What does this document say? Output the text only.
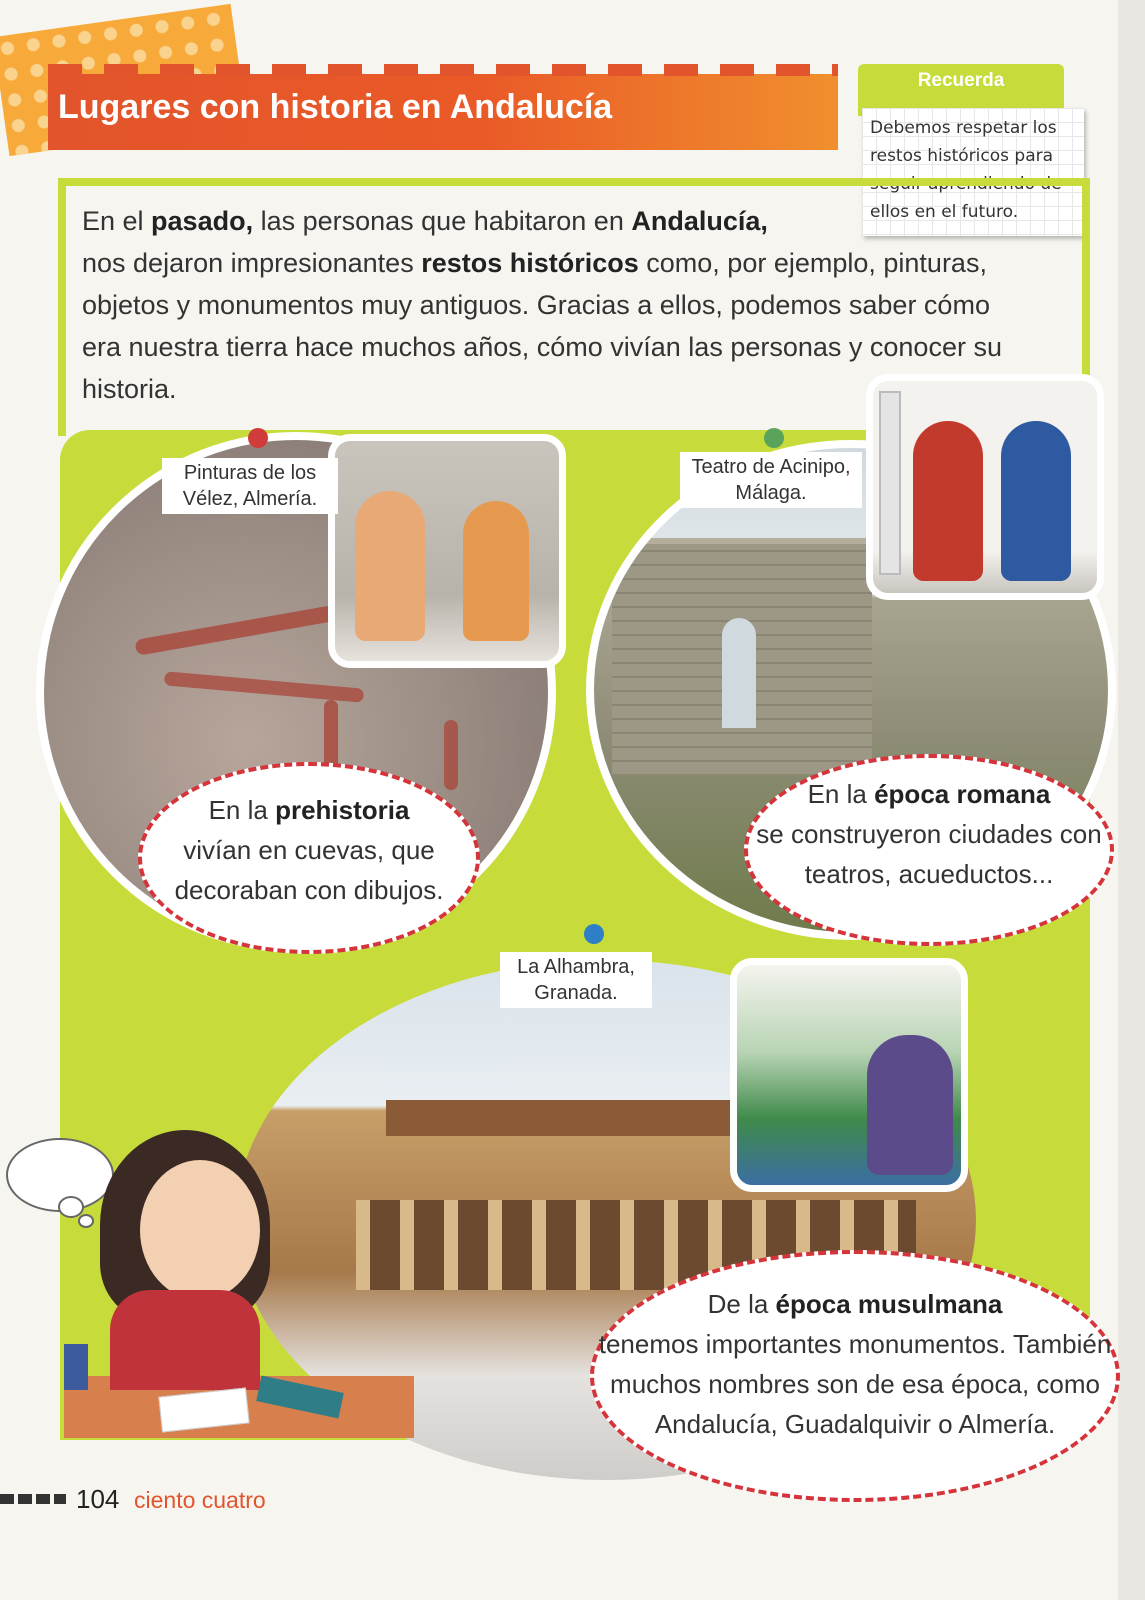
Lugares con historia en Andalucía
Recuerda
Debemos respetar los restos históricos para seguir aprendiendo de ellos en el futuro.
En el pasado, las personas que habitaron en Andalucía,
nos dejaron impresionantes restos históricos como, por ejemplo, pinturas, objetos y monumentos muy antiguos. Gracias a ellos, podemos saber cómo era nuestra tierra hace muchos años, cómo vivían las personas y conocer su historia.
Pinturas de los Vélez, Almería.
Teatro de Acinipo, Málaga.
La Alhambra, Granada.
En la prehistoria
vivían en cuevas, que decoraban con dibujos.
En la época romana
se construyeron ciudades con teatros, acueductos...
De la época musulmana
tenemos importantes monumentos. También muchos nombres son de esa época, como Andalucía, Guadalquivir o Almería.
104 ciento cuatro
